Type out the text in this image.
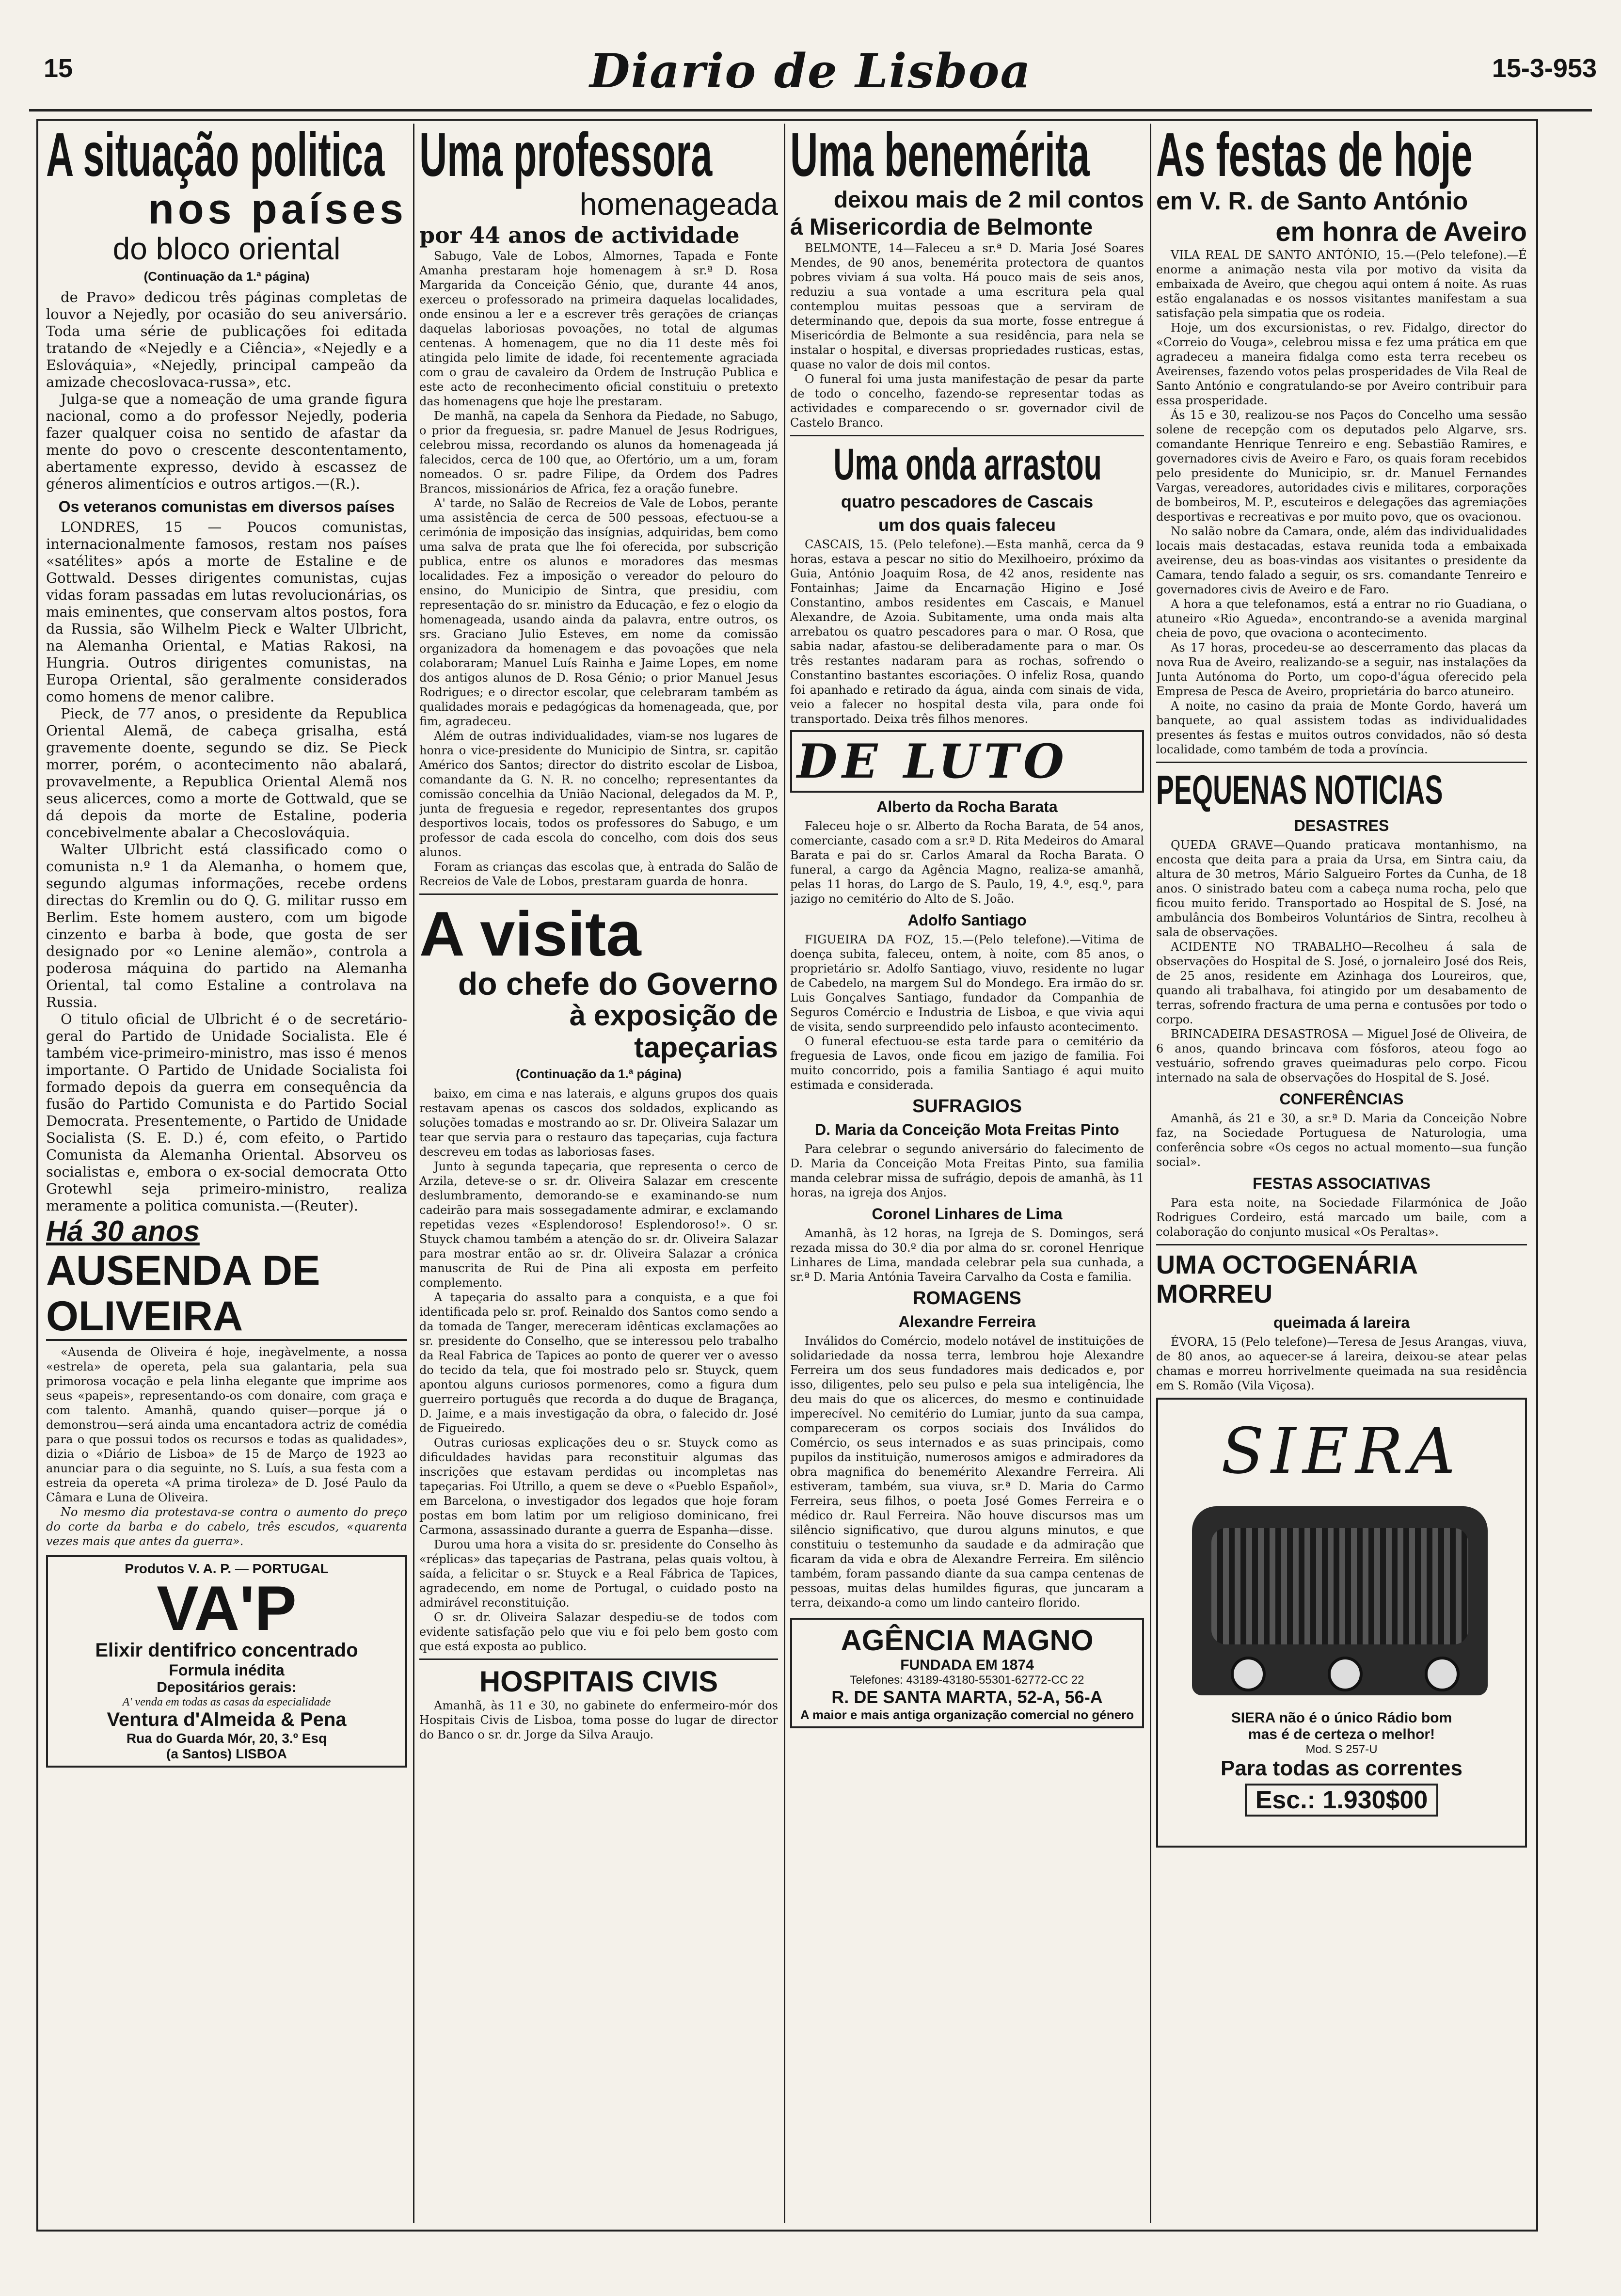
15	Diario de Lisboa	15-3-953
A situação politica
nos países
do bloco oriental
(Continuação da 1.ª página)

de Pravo» dedicou três páginas completas de louvor a Nejedly, por ocasião do seu aniversário. Toda uma série de publicações foi editada tratando de «Nejedly e a Ciência», «Nejedly e a Eslováquia», «Nejedly, principal campeão da amizade checoslovaca-russa», etc.

Julga-se que a nomeação de uma grande figura nacional, como a do professor Nejedly, poderia fazer qualquer coisa no sentido de afastar da mente do povo o crescente descontentamento, abertamente expresso, devido à escassez de géneros alimentícios e outros artigos.—(R.).

Os veteranos comunistas em diversos países

LONDRES, 15 — Poucos comunistas, internacionalmente famosos, restam nos países «satélites» após a morte de Estaline e de Gottwald. Desses dirigentes comunistas, cujas vidas foram passadas em lutas revolucionárias, os mais eminentes, que conservam altos postos, fora da Russia, são Wilhelm Pieck e Walter Ulbricht, na Alemanha Oriental, e Matias Rakosi, na Hungria. Outros dirigentes comunistas, na Europa Oriental, são geralmente considerados como homens de menor calibre.

Pieck, de 77 anos, o presidente da Republica Oriental Alemã, de cabeça grisalha, está gravemente doente, segundo se diz. Se Pieck morrer, porém, o acontecimento não abalará, provavelmente, a Republica Oriental Alemã nos seus alicerces, como a morte de Gottwald, que se dá depois da morte de Estaline, poderia concebivelmente abalar a Checoslováquia.

Walter Ulbricht está classificado como o comunista n.º 1 da Alemanha, o homem que, segundo algumas informações, recebe ordens directas do Kremlin ou do Q. G. militar russo em Berlim. Este homem austero, com um bigode cinzento e barba à bode, que gosta de ser designado por «o Lenine alemão», controla a poderosa máquina do partido na Alemanha Oriental, tal como Estaline a controlava na Russia.

O titulo oficial de Ulbricht é o de secretário-geral do Partido de Unidade Socialista. Ele é também vice-primeiro-ministro, mas isso é menos importante. O Partido de Unidade Socialista foi formado depois da guerra em consequência da fusão do Partido Comunista e do Partido Social Democrata. Presentemente, o Partido de Unidade Socialista (S. E. D.) é, com efeito, o Partido Comunista da Alemanha Oriental. Absorveu os socialistas e, embora o ex-social democrata Otto Grotewhl seja primeiro-ministro, realiza meramente a politica comunista.—(Reuter).

Há 30 anos
AUSENDA DE OLIVEIRA

«Ausenda de Oliveira é hoje, inegàvelmente, a nossa «estrela» de opereta, pela sua galantaria, pela sua primorosa vocação e pela linha elegante que imprime aos seus «papeis», representando-os com donaire, com graça e com talento. Amanhã, quando quiser—porque já o demonstrou—será ainda uma encantadora actriz de comédia para o que possui todos os recursos e todas as qualidades», dizia o «Diário de Lisboa» de 15 de Março de 1923 ao anunciar para o dia seguinte, no S. Luís, a sua festa com a estreia da opereta «A prima tiroleza» de D. José Paulo da Câmara e Luna de Oliveira.

No mesmo dia protestava-se contra o aumento do preço do corte da barba e do cabelo, três escudos, «quarenta vezes mais que antes da guerra».

Produtos V. A. P. — PORTUGAL
VA'P
Elixir dentifrico concentrado
Formula inédita
Depositários gerais:
A' venda em todas as casas da especialidade
Ventura d'Almeida & Pena
Rua do Guarda Mór, 20, 3.º Esq
(a Santos) LISBOA
Uma professora
homenageada
por 44 anos de actividade

Sabugo, Vale de Lobos, Almornes, Tapada e Fonte Amanha prestaram hoje homenagem à sr.ª D. Rosa Margarida da Conceição Génio, que, durante 44 anos, exerceu o professorado na primeira daquelas localidades, onde ensinou a ler e a escrever três gerações de crianças daquelas laboriosas povoações, no total de algumas centenas. A homenagem, que no dia 11 deste mês foi atingida pelo limite de idade, foi recentemente agraciada com o grau de cavaleiro da Ordem de Instrução Publica e este acto de reconhecimento oficial constituiu o pretexto das homenagens que hoje lhe prestaram.

De manhã, na capela da Senhora da Piedade, no Sabugo, o prior da freguesia, sr. padre Manuel de Jesus Rodrigues, celebrou missa, recordando os alunos da homenageada já falecidos, cerca de 100 que, ao Ofertório, um a um, foram nomeados. O sr. padre Filipe, da Ordem dos Padres Brancos, missionários de Africa, fez a oração funebre.

A' tarde, no Salão de Recreios de Vale de Lobos, perante uma assistência de cerca de 500 pessoas, efectuou-se a cerimónia de imposição das insígnias, adquiridas, bem como uma salva de prata que lhe foi oferecida, por subscrição publica, entre os alunos e moradores das mesmas localidades. Fez a imposição o vereador do pelouro do ensino, do Municipio de Sintra, que presidiu, com representação do sr. ministro da Educação, e fez o elogio da homenageada, usando ainda da palavra, entre outros, os srs. Graciano Julio Esteves, em nome da comissão organizadora da homenagem e das povoações que nela colaboraram; Manuel Luís Rainha e Jaime Lopes, em nome dos antigos alunos de D. Rosa Génio; o prior Manuel Jesus Rodrigues; e o director escolar, que celebraram também as qualidades morais e pedagógicas da homenageada, que, por fim, agradeceu.

Além de outras individualidades, viam-se nos lugares de honra o vice-presidente do Municipio de Sintra, sr. capitão Américo dos Santos; director do distrito escolar de Lisboa, comandante da G. N. R. no concelho; representantes da comissão concelhia da União Nacional, delegados da M. P., junta de freguesia e regedor, representantes dos grupos desportivos locais, todos os professores do Sabugo, e um professor de cada escola do concelho, com dois dos seus alunos.

Foram as crianças das escolas que, à entrada do Salão de Recreios de Vale de Lobos, prestaram guarda de honra.

A visita
do chefe do Governo
à exposição de tapeçarias
(Continuação da 1.ª página)

baixo, em cima e nas laterais, e alguns grupos dos quais restavam apenas os cascos dos soldados, explicando as soluções tomadas e mostrando ao sr. Dr. Oliveira Salazar um tear que servia para o restauro das tapeçarias, cuja factura descreveu em todas as laboriosas fases.

Junto à segunda tapeçaria, que representa o cerco de Arzila, deteve-se o sr. dr. Oliveira Salazar em crescente deslumbramento, demorando-se e examinando-se num cadeirão para mais sossegadamente admirar, e exclamando repetidas vezes «Esplendoroso! Esplendoroso!». O sr. Stuyck chamou também a atenção do sr. dr. Oliveira Salazar para mostrar então ao sr. dr. Oliveira Salazar a crónica manuscrita de Rui de Pina ali exposta em perfeito complemento.

A tapeçaria do assalto para a conquista, e a que foi identificada pelo sr. prof. Reinaldo dos Santos como sendo a da tomada de Tanger, mereceram idênticas exclamações ao sr. presidente do Conselho, que se interessou pelo trabalho da Real Fabrica de Tapices ao ponto de querer ver o avesso do tecido da tela, que foi mostrado pelo sr. Stuyck, quem apontou alguns curiosos pormenores, como a figura dum guerreiro português que recorda a do duque de Bragança, D. Jaime, e a mais investigação da obra, o falecido dr. José de Figueiredo.

Outras curiosas explicações deu o sr. Stuyck como as dificuldades havidas para reconstituir algumas das inscrições que estavam perdidas ou incompletas nas tapeçarias. Foi Utrillo, a quem se deve o «Pueblo Español», em Barcelona, o investigador dos legados que hoje foram postas em bom latim por um religioso dominicano, frei Carmona, assassinado durante a guerra de Espanha—disse.

Durou uma hora a visita do sr. presidente do Conselho às «réplicas» das tapeçarias de Pastrana, pelas quais voltou, à saída, a felicitar o sr. Stuyck e a Real Fábrica de Tapices, agradecendo, em nome de Portugal, o cuidado posto na admirável reconstituição.

O sr. dr. Oliveira Salazar despediu-se de todos com evidente satisfação pelo que viu e foi pelo bem gosto com que está exposta ao publico.

HOSPITAIS CIVIS

Amanhã, às 11 e 30, no gabinete do enfermeiro-mór dos Hospitais Civis de Lisboa, toma posse do lugar de director do Banco o sr. dr. Jorge da Silva Araujo.

Uma benemérita
deixou mais de 2 mil contos
á Misericordia de Belmonte

BELMONTE, 14—Faleceu a sr.ª D. Maria José Soares Mendes, de 90 anos, benemérita protectora de quantos pobres viviam á sua volta. Há pouco mais de seis anos, reduziu a sua vontade a uma escritura pela qual contemplou muitas pessoas que a serviram de determinando que, depois da sua morte, fosse entregue á Misericórdia de Belmonte a sua residência, para nela se instalar o hospital, e diversas propriedades rusticas, estas, quase no valor de dois mil contos.

O funeral foi uma justa manifestação de pesar da parte de todo o concelho, fazendo-se representar todas as actividades e comparecendo o sr. governador civil de Castelo Branco.

Uma onda arrastou
quatro pescadores de Cascais
um dos quais faleceu

CASCAIS, 15. (Pelo telefone).—Esta manhã, cerca da 9 horas, estava a pescar no sitio do Mexilhoeiro, próximo da Guia, António Joaquim Rosa, de 42 anos, residente nas Fontainhas; Jaime da Encarnação Higino e José Constantino, ambos residentes em Cascais, e Manuel Alexandre, de Azoia. Subitamente, uma onda mais alta arrebatou os quatro pescadores para o mar. O Rosa, que sabia nadar, afastou-se deliberadamente para o mar. Os três restantes nadaram para as rochas, sofrendo o Constantino bastantes escoriações. O infeliz Rosa, quando foi apanhado e retirado da água, ainda com sinais de vida, veio a falecer no hospital desta vila, para onde foi transportado. Deixa três filhos menores.

DE LUTO
Alberto da Rocha Barata

Faleceu hoje o sr. Alberto da Rocha Barata, de 54 anos, comerciante, casado com a sr.ª D. Rita Medeiros do Amaral Barata e pai do sr. Carlos Amaral da Rocha Barata. O funeral, a cargo da Agência Magno, realiza-se amanhã, pelas 11 horas, do Largo de S. Paulo, 19, 4.º, esq.º, para jazigo no cemitério do Alto de S. João.

Adolfo Santiago

FIGUEIRA DA FOZ, 15.—(Pelo telefone).—Vitima de doença subita, faleceu, ontem, à noite, com 85 anos, o proprietário sr. Adolfo Santiago, viuvo, residente no lugar de Cabedelo, na margem Sul do Mondego. Era irmão do sr. Luis Gonçalves Santiago, fundador da Companhia de Seguros Comércio e Industria de Lisboa, e que vivia aqui de visita, sendo surpreendido pelo infausto acontecimento.

O funeral efectuou-se esta tarde para o cemitério da freguesia de Lavos, onde ficou em jazigo de familia. Foi muito concorrido, pois a familia Santiago é aqui muito estimada e considerada.

SUFRAGIOS
D. Maria da Conceição Mota Freitas Pinto

Para celebrar o segundo aniversário do falecimento de D. Maria da Conceição Mota Freitas Pinto, sua familia manda celebrar missa de sufrágio, depois de amanhã, às 11 horas, na igreja dos Anjos.

Coronel Linhares de Lima

Amanhã, às 12 horas, na Igreja de S. Domingos, será rezada missa do 30.º dia por alma do sr. coronel Henrique Linhares de Lima, mandada celebrar pela sua cunhada, a sr.ª D. Maria Antónia Taveira Carvalho da Costa e familia.

ROMAGENS
Alexandre Ferreira

Inválidos do Comércio, modelo notável de instituições de solidariedade da nossa terra, lembrou hoje Alexandre Ferreira um dos seus fundadores mais dedicados e, por isso, diligentes, pelo seu pulso e pela sua inteligência, lhe deu mais do que os alicerces, do mesmo e continuidade imperecível. No cemitério do Lumiar, junto da sua campa, compareceram os corpos sociais dos Inválidos do Comércio, os seus internados e as suas principais, como pupilos da instituição, numerosos amigos e admiradores da obra magnifica do benemérito Alexandre Ferreira. Ali estiveram, também, sua viuva, sr.ª D. Maria do Carmo Ferreira, seus filhos, o poeta José Gomes Ferreira e o médico dr. Raul Ferreira. Não houve discursos mas um silêncio significativo, que durou alguns minutos, e que constituiu o testemunho da saudade e da admiração que ficaram da vida e obra de Alexandre Ferreira. Em silêncio também, foram passando diante da sua campa centenas de pessoas, muitas delas humildes figuras, que juncaram a terra, deixando-a como um lindo canteiro florido.

AGÊNCIA MAGNO
FUNDADA EM 1874
Telefones: 43189-43180-55301-62772-CC 22
R. DE SANTA MARTA, 52-A, 56-A
A maior e mais antiga organização comercial no género
As festas de hoje
em V. R. de Santo António
em honra de Aveiro

VILA REAL DE SANTO ANTÓNIO, 15.—(Pelo telefone).—É enorme a animação nesta vila por motivo da visita da embaixada de Aveiro, que chegou aqui ontem á noite. As ruas estão engalanadas e os nossos visitantes manifestam a sua satisfação pela simpatia que os rodeia.

Hoje, um dos excursionistas, o rev. Fidalgo, director do «Correio do Vouga», celebrou missa e fez uma prática em que agradeceu a maneira fidalga como esta terra recebeu os Aveirenses, fazendo votos pelas prosperidades de Vila Real de Santo António e congratulando-se por Aveiro contribuir para essa prosperidade.

Ás 15 e 30, realizou-se nos Paços do Concelho uma sessão solene de recepção com os deputados pelo Algarve, srs. comandante Henrique Tenreiro e eng. Sebastião Ramires, e governadores civis de Aveiro e Faro, os quais foram recebidos pelo presidente do Municipio, sr. dr. Manuel Fernandes Vargas, vereadores, autoridades civis e militares, corporações de bombeiros, M. P., escuteiros e delegações das agremiações desportivas e recreativas e por muito povo, que os ovacionou.

No salão nobre da Camara, onde, além das individualidades locais mais destacadas, estava reunida toda a embaixada aveirense, deu as boas-vindas aos visitantes o presidente da Camara, tendo falado a seguir, os srs. comandante Tenreiro e governadores civis de Aveiro e de Faro.

A hora a que telefonamos, está a entrar no rio Guadiana, o atuneiro «Rio Agueda», encontrando-se a avenida marginal cheia de povo, que ovaciona o acontecimento.

As 17 horas, procedeu-se ao descerramento das placas da nova Rua de Aveiro, realizando-se a seguir, nas instalações da Junta Autónoma do Porto, um copo-d'água oferecido pela Empresa de Pesca de Aveiro, proprietária do barco atuneiro.

A noite, no casino da praia de Monte Gordo, haverá um banquete, ao qual assistem todas as individualidades presentes ás festas e muitos outros convidados, não só desta localidade, como também de toda a província.

PEQUENAS NOTICIAS
DESASTRES

QUEDA GRAVE—Quando praticava montanhismo, na encosta que deita para a praia da Ursa, em Sintra caiu, da altura de 30 metros, Mário Salgueiro Fortes da Cunha, de 18 anos. O sinistrado bateu com a cabeça numa rocha, pelo que ficou muito ferido. Transportado ao Hospital de S. José, na ambulância dos Bombeiros Voluntários de Sintra, recolheu à sala de observações.

ACIDENTE NO TRABALHO—Recolheu á sala de observações do Hospital de S. José, o jornaleiro José dos Reis, de 25 anos, residente em Azinhaga dos Loureiros, que, quando ali trabalhava, foi atingido por um desabamento de terras, sofrendo fractura de uma perna e contusões por todo o corpo.

BRINCADEIRA DESASTROSA — Miguel José de Oliveira, de 6 anos, quando brincava com fósforos, ateou fogo ao vestuário, sofrendo graves queimaduras pelo corpo. Ficou internado na sala de observações do Hospital de S. José.

CONFERÊNCIAS

Amanhã, ás 21 e 30, a sr.ª D. Maria da Conceição Nobre faz, na Sociedade Portuguesa de Naturologia, uma conferência sobre «Os cegos no actual momento—sua função social».

FESTAS ASSOCIATIVAS

Para esta noite, na Sociedade Filarmónica de João Rodrigues Cordeiro, está marcado um baile, com a colaboração do conjunto musical «Os Peraltas».

UMA OCTOGENÁRIA MORREU
queimada á lareira

ÉVORA, 15 (Pelo telefone)—Teresa de Jesus Arangas, viuva, de 80 anos, ao aquecer-se á lareira, deixou-se atear pelas chamas e morreu horrivelmente queimada na sua residência em S. Romão (Vila Viçosa).

SIERA
SIERA não é o único Rádio bom
mas é de certeza o melhor!
Mod. S 257-U
Para todas as correntes
Esc.: 1.930$00
